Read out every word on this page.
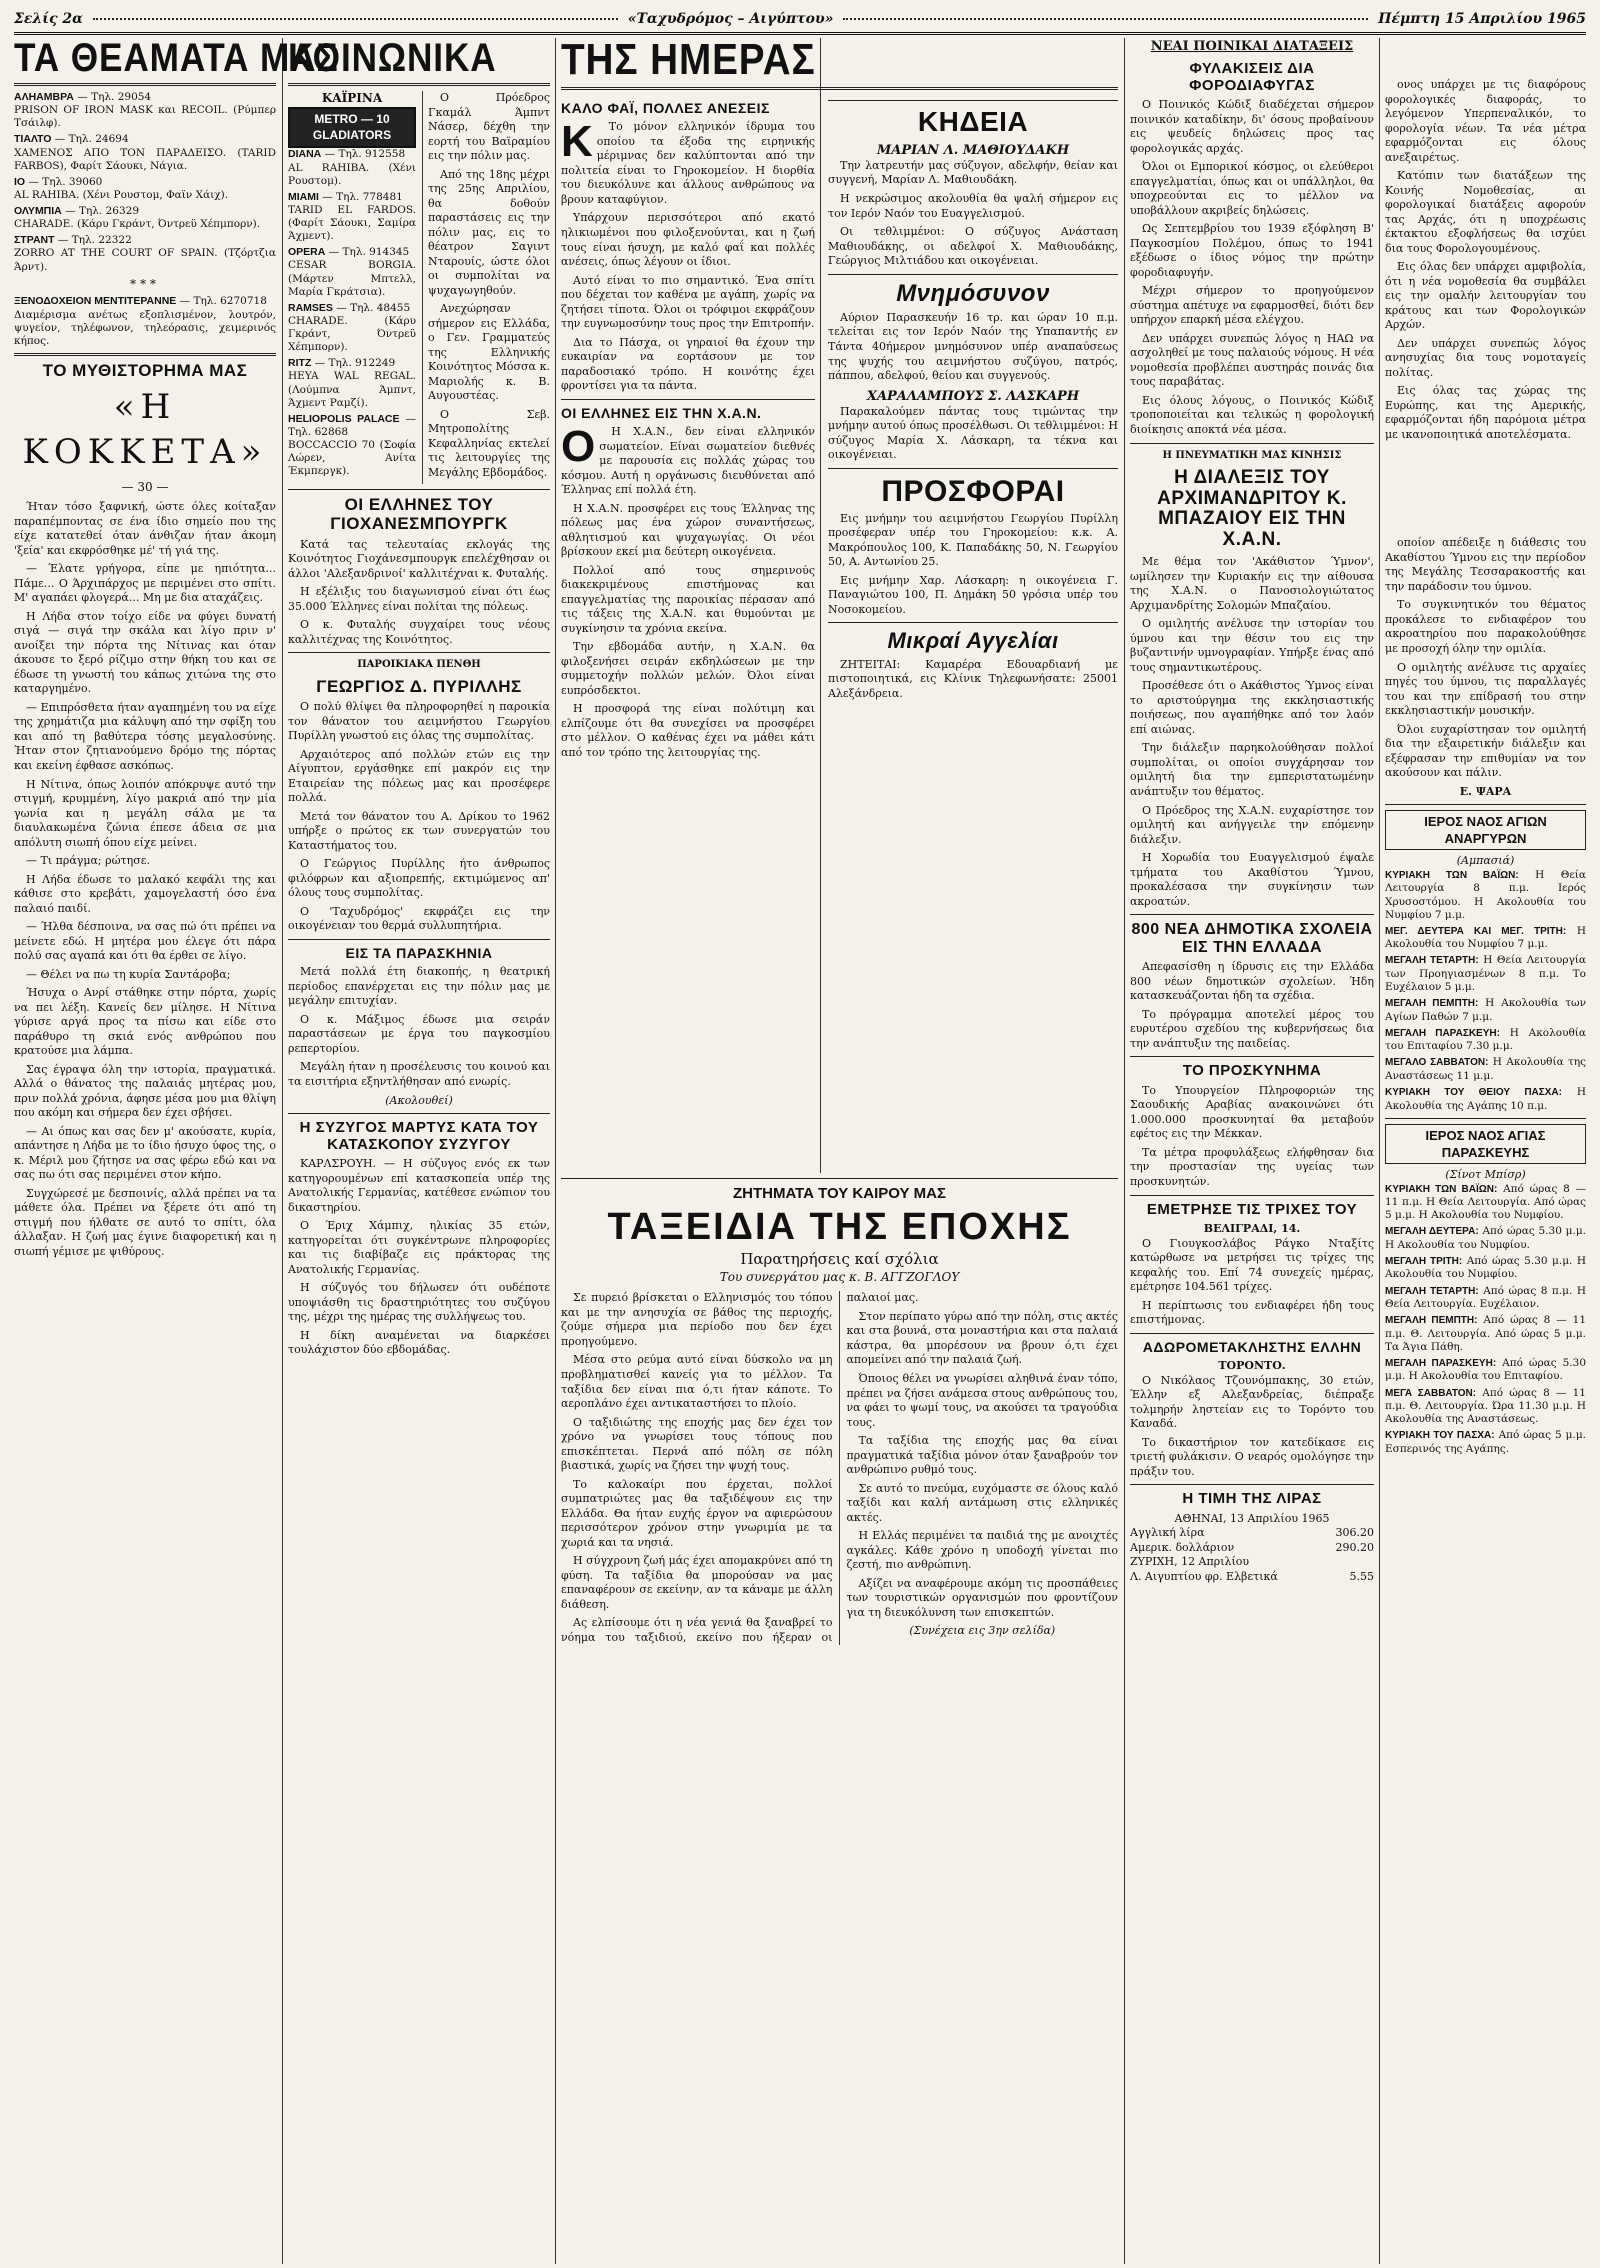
Σελίς 2α	«Ταχυδρόμος – Αιγύπτου»	Πέμπτη 15 Απριλίου 1965
ΤΑ ΘΕΑΜΑΤΑ ΜΑΣ
ΑΛΗΑΜΒΡΑ — Τηλ. 29054
PRISON OF IRON MASK και RECOIL. (Ρύμπερ Τσάιλφ).
ΤΙΑΛΤΟ — Τηλ. 24694
ΧΑΜΕΝΟΣ ΑΠΟ ΤΟΝ ΠΑΡΑΔΕΙΣΟ. (TARID FARBOS), Φαρίτ Σάουκι, Νάγια.
ΙΟ — Τηλ. 39060
AL RAHIBA. (Χένι Ρουστομ, Φαϊν Χάιχ).
ΟΛΥΜΠΙΑ — Τηλ. 26329
CHARADE. (Κάρυ Γκράντ, Όντρεϋ Χέπμπορν).
ΣΤΡΑΝΤ — Τηλ. 22322
ZORRO AT THE COURT OF SPAIN. (Τζόρτζια Άρντ).
***
ΞΕΝΟΔΟΧΕΙΟΝ ΜΕΝΤΙΤΕΡΑΝΝΕ — Τηλ. 6270718
Διαμέρισμα ανέτως εξοπλισμένον, λουτρόν, ψυγείον, τηλέφωνον, τηλεόρασις, χειμερινός κήπος.
ΤΟ ΜΥΘΙΣΤΟΡΗΜΑ ΜΑΣ
«Η ΚΟΚΚΕΤΑ»
— 30 —

Ήταν τόσο ξαφνική, ώστε όλες κοίταξαν παραπέμποντας σε ένα ίδιο σημείο που της είχε κατατεθεί όταν άνθιζαν ήταν άκομη 'ξεία' και εκφρόσθηκε μέ' τή γιά της.

— Έλατε γρήγορα, είπε με ηπιότητα... Πάμε... Ο Άρχιπάρχος με περιμένει στο σπίτι. Μ' αγαπάει φλογερά... Μη με δια αταχάζεις.

Η Λήδα στον τοίχο είδε να φύγει δυνατή σιγά — σιγά την σκάλα και λίγο πριν ν' ανοίξει την πόρτα της Νίτινας και όταν άκουσε το ξερό ρίζιμο στην θήκη του και σε έδωσε τη γνωστή του κάπως χιτώνα της στο καταργημένο.

— Επιπρόσθετα ήταν αγαπημένη του να είχε της χρημάτιζα μια κάλυψη από την σφίξη του και από τη βαθύτερα τόσης μεγαλοσύνης. Ήταν στον ζητιανούμενο δρόμο της πόρτας και εκείνη έφθασε ασκόπως.

Η Νίτινα, όπως λοιπόν απόκρυψε αυτό την στιγμή, κρυμμένη, λίγο μακριά από την μία γωνία και η μεγάλη σάλα με τα διαυλακωμένα ζώνια έπεσε άδεια σε μια απόλυτη σιωπή όπου είχε μείνει.

— Τι πράγμα; ρώτησε.

Η Λήδα έδωσε το μαλακό κεφάλι της και κάθισε στο κρεβάτι, χαμογελαστή όσο ένα παλαιό παιδί.

— Ήλθα δέσποινα, να σας πώ ότι πρέπει να μείνετε εδώ. Η μητέρα μου έλεγε ότι πάρα πολύ σας αγαπά και ότι θα έρθει σε λίγο.

— Θέλει να πω τη κυρία Σαντάροβα;

Ήσυχα ο Ανρί στάθηκε στην πόρτα, χωρίς να πει λέξη. Κανείς δεν μίλησε. Η Νίτινα γύρισε αργά προς τα πίσω και είδε στο παράθυρο τη σκιά ενός ανθρώπου που κρατούσε μια λάμπα.

Σας έγραψα όλη την ιστορία, πραγματικά. Αλλά ο θάνατος της παλαιάς μητέρας μου, πριν πολλά χρόνια, άφησε μέσα μου μια θλίψη που ακόμη και σήμερα δεν έχει σβήσει.

— Αι όπως και σας δεν μ' ακούσατε, κυρία, απάντησε η Λήδα με το ίδιο ήσυχο ύφος της, ο κ. Μέριλ μου ζήτησε να σας φέρω εδώ και να σας πω ότι σας περιμένει στον κήπο.

Συγχώρεσέ με δεσποινίς, αλλά πρέπει να τα μάθετε όλα. Πρέπει να ξέρετε ότι από τη στιγμή που ήλθατε σε αυτό το σπίτι, όλα άλλαξαν. Η ζωή μας έγινε διαφορετική και η σιωπή γέμισε με ψιθύρους.

ΚΟΙΝΩΝΙΚΑ
ΚΑΪΡΙΝΑ
METRO — 10 GLADIATORS
DIANA — Τηλ. 912558
AL RAHIBA. (Χένι Ρουστομ).
MIAMI — Τηλ. 778481
TARID EL FARDOS. (Φαρίτ Σάουκι, Σαμίρα Άχμεντ).
OPERA — Τηλ. 914345
CESAR BORGIA. (Μάρτεν Μπτελλ, Μαρία Γκράτσια).
RAMSES — Τηλ. 48455
CHARADE. (Κάρυ Γκράντ, Όντρεϋ Χέπμπορν).
RITZ — Τηλ. 912249
HEYA WAL REGAL. (Λούμπνα Άμπντ, Άχμεντ Ραμζί).
HELIOPOLIS PALACE — Τηλ. 62868
BOCCACCIO 70 (Σοφία Λώρεν, Ανίτα Έκμπεργκ).

Ο Πρόεδρος Γκαμάλ Άμπντ Νάσερ, δέχθη την εορτή του Βαϊραμίου εις την πόλιν μας.

Από της 18ης μέχρι της 25ης Απριλίου, θα δοθούν παραστάσεις εις την πόλιν μας, εις το θέατρον Σαγιντ Νταρουίς, ώστε όλοι οι συμπολίται να ψυχαγωγηθούν.

Ανεχώρησαν σήμερον εις Ελλάδα, ο Γεν. Γραμματεύς της Ελληνικής Κοινότητος Μόσσα κ. Μαριολής κ. Β. Αυγουστέας.

Ο Σεβ. Μητροπολίτης Κεφαλληνίας εκτελεί τις λειτουργίες της Μεγάλης Εβδομάδος.

ΟΙ ΕΛΛΗΝΕΣ ΤΟΥ ΓΙΟΧΑΝΕΣΜΠΟΥΡΓΚ

Κατά τας τελευταίας εκλογάς της Κοινότητος Γιοχάνεσμπουργκ επελέχθησαν οι άλλοι 'Αλεξανδρινοί' καλλιτέχναι κ. Φυταλής.

Η εξέλιξις του διαγωνισμού είναι ότι έως 35.000 Έλληνες είναι πολίται της πόλεως.

Ο κ. Φυταλής συγχαίρει τους νέους καλλιτέχνας της Κοινότητος.

ΠΑΡΟΙΚΙΑΚΑ ΠΕΝΘΗ
ΓΕΩΡΓΙΟΣ Δ. ΠΥΡΙΛΛΗΣ

Ο πολύ θλίψει θα πληροφορηθεί η παροικία τον θάνατον του αειμνήστου Γεωργίου Πυρίλλη γνωστού εις όλας της συμπολίτας.

Αρχαιότερος από πολλών ετών εις την Αίγυπτον, εργάσθηκε επί μακρόν εις την Εταιρείαν της πόλεως μας και προσέφερε πολλά.

Μετά τον θάνατον του Α. Δρίκου το 1962 υπήρξε ο πρώτος εκ των συνεργατών του Καταστήματος του.

Ο Γεώργιος Πυρίλλης ήτο άνθρωπος φιλόφρων και αξιοπρεπής, εκτιμώμενος απ' όλους τους συμπολίτας.

Ο 'Ταχυδρόμος' εκφράζει εις την οικογένειαν του θερμά συλλυπητήρια.

ΕΙΣ ΤΑ ΠΑΡΑΣΚΗΝΙΑ

Μετά πολλά έτη διακοπής, η θεατρική περίοδος επανέρχεται εις την πόλιν μας με μεγάλην επιτυχίαν.

Ο κ. Μάξιμος έδωσε μια σειράν παραστάσεων με έργα του παγκοσμίου ρεπερτορίου.

Μεγάλη ήταν η προσέλευσις του κοινού και τα εισιτήρια εξηντλήθησαν από ενωρίς.

(Ακολουθεί)
Η ΣΥΖΥΓΟΣ ΜΑΡΤΥΣ ΚΑΤΑ ΤΟΥ ΚΑΤΑΣΚΟΠΟΥ ΣΥΖΥΓΟΥ

ΚΑΡΛΣΡΟΥΗ. — Η σύζυγος ενός εκ των κατηγορουμένων επί κατασκοπεία υπέρ της Ανατολικής Γερμανίας, κατέθεσε ενώπιον του δικαστηρίου.

Ο Έριχ Χάμπιχ, ηλικίας 35 ετών, κατηγορείται ότι συγκέντρωνε πληροφορίες και τις διαβίβαζε εις πράκτορας της Ανατολικής Γερμανίας.

Η σύζυγός του δήλωσεν ότι ουδέποτε υποψιάσθη τις δραστηριότητες του συζύγου της, μέχρι της ημέρας της συλλήψεως του.

Η δίκη αναμένεται να διαρκέσει τουλάχιστον δύο εβδομάδας.

ΤΗΣ ΗΜΕΡΑΣ
ΚΑΛΟ ΦΑΪ, ΠΟΛΛΕΣ ΑΝΕΣΕΙΣ
Κ	Το μόνον ελληνικόν ίδρυμα του οποίου τα έξοδα της ειρηνικής μέριμνας δεν καλύπτονται από την πολιτεία είναι το Γηροκομείον. Η διορθία του διευκόλυνε και άλλους ανθρώπους να βρουν καταφύγιον.

Υπάρχουν περισσότεροι από εκατό ηλικιωμένοι που φιλοξενούνται, και η ζωή τους είναι ήσυχη, με καλό φαΐ και πολλές ανέσεις, όπως λέγουν οι ίδιοι.

Αυτό είναι το πιο σημαντικό. Ένα σπίτι που δέχεται τον καθένα με αγάπη, χωρίς να ζητήσει τίποτα. Όλοι οι τρόφιμοι εκφράζουν την ευγνωμοσύνην τους προς την Επιτροπήν.

Δια το Πάσχα, οι γηραιοί θα έχουν την ευκαιρίαν να εορτάσουν με τον παραδοσιακό τρόπο. Η κοινότης έχει φροντίσει για τα πάντα.

ΟΙ ΕΛΛΗΝΕΣ ΕΙΣ ΤΗΝ Χ.Α.Ν.
Ο	Η Χ.Α.Ν., δεν είναι ελληνικόν σωματείον. Είναι σωματείον διεθνές με παρουσία εις πολλάς χώρας του κόσμου. Αυτή η οργάνωσις διευθύνεται από Έλληνας επί πολλά έτη.

Η Χ.Α.Ν. προσφέρει εις τους Έλληνας της πόλεως μας ένα χώρον συναντήσεως, αθλητισμού και ψυχαγωγίας. Οι νέοι βρίσκουν εκεί μια δεύτερη οικογένεια.

Πολλοί από τους σημερινούς διακεκριμένους επιστήμονας και επαγγελματίας της παροικίας πέρασαν από τις τάξεις της Χ.Α.Ν. και θυμούνται με συγκίνησιν τα χρόνια εκείνα.

Την εβδομάδα αυτήν, η Χ.Α.Ν. θα φιλοξενήσει σειράν εκδηλώσεων με την συμμετοχήν πολλών μελών. Όλοι είναι ευπρόσδεκτοι.

Η προσφορά της είναι πολύτιμη και ελπίζουμε ότι θα συνεχίσει να προσφέρει στο μέλλον. Ο καθένας έχει να μάθει κάτι από τον τρόπο της λειτουργίας της.

ΚΗΔΕΙΑ
ΜΑΡΙΑΝ Λ. ΜΑΘΙΟΥΔΑΚΗ

Την λατρευτήν μας σύζυγον, αδελφήν, θείαν και συγγενή, Μαρίαν Λ. Μαθιουδάκη.

Η νεκρώσιμος ακολουθία θα ψαλή σήμερον εις τον Ιερόν Ναόν του Ευαγγελισμού.

Οι τεθλιμμένοι: Ο σύζυγος Ανάσταση Μαθιουδάκης, οι αδελφοί Χ. Μαθιουδάκης, Γεώργιος Μιλτιάδου και οικογένειαι.

Μνημόσυνον

Αύριον Παρασκευήν 16 τρ. και ώραν 10 π.μ. τελείται εις τον Ιερόν Ναόν της Υπαπαντής εν Τάντα 40ήμερον μνημόσυνον υπέρ αναπαύσεως της ψυχής του αειμνήστου συζύγου, πατρός, πάππου, αδελφού, θείου και συγγενούς.

ΧΑΡΑΛΑΜΠΟΥΣ Σ. ΛΑΣΚΑΡΗ

Παρακαλούμεν πάντας τους τιμώντας την μνήμην αυτού όπως προσέλθωσι. Οι τεθλιμμένοι: Η σύζυγος Μαρία Χ. Λάσκαρη, τα τέκνα και οικογένειαι.

ΠΡΟΣΦΟΡΑΙ

Εις μνήμην του αειμνήστου Γεωργίου Πυρίλλη προσέφεραν υπέρ του Γηροκομείου: κ.κ. Α. Μακρόπουλος 100, Κ. Παπαδάκης 50, Ν. Γεωργίου 50, Α. Αντωνίου 25.

Εις μνήμην Χαρ. Λάσκαρη: η οικογένεια Γ. Παναγιώτου 100, Π. Δημάκη 50 γρόσια υπέρ του Νοσοκομείου.

Μικραί Αγγελίαι

ΖΗΤΕΙΤΑΙ: Καμαρέρα Εδουαρδιανή με πιστοποιητικά, εις Κλίνικ Τηλεφωνήσατε: 25001 Αλεξάνδρεια.

ΝΕΑΙ ΠΟΙΝΙΚΑΙ ΔΙΑΤΑΞΕΙΣ
ΦΥΛΑΚΙΣΕΙΣ ΔΙΑ ΦΟΡΟΔΙΑΦΥΓΑΣ

Ο Ποινικός Κώδιξ διαδέχεται σήμερον ποινικόν καταδίκην, δι' όσους προβαίνουν εις ψευδείς δηλώσεις προς τας φορολογικάς αρχάς.

Όλοι οι Εμπορικοί κόσμος, οι ελεύθεροι επαγγελματίαι, όπως και οι υπάλληλοι, θα υποχρεούνται εις το μέλλον να υποβάλλουν ακριβείς δηλώσεις.

Ως Σεπτεμβρίου του 1939 εξόφληση Β' Παγκοσμίου Πολέμου, όπως το 1941 εξέδωσε ο ίδιος νόμος την πρώτην φοροδιαφυγήν.

Μέχρι σήμερον το προηγούμενον σύστημα απέτυχε να εφαρμοσθεί, διότι δεν υπήρχον επαρκή μέσα ελέγχου.

Δεν υπάρχει συνεπώς λόγος η ΗΑΩ να ασχοληθεί με τους παλαιούς νόμους. Η νέα νομοθεσία προβλέπει αυστηράς ποινάς δια τους παραβάτας.

Εις όλους λόγους, ο Ποινικός Κώδιξ τροποποιείται και τελικώς η φορολογική διοίκησις αποκτά νέα μέσα.

Η ΠΝΕΥΜΑΤΙΚΗ ΜΑΣ ΚΙΝΗΣΙΣ
Η ΔΙΑΛΕΞΙΣ ΤΟΥ ΑΡΧΙΜΑΝΔΡΙΤΟΥ Κ. ΜΠΑΖΑΙΟΥ ΕΙΣ ΤΗΝ Χ.Α.Ν.

Με θέμα τον 'Ακάθιστον Ύμνον', ωμίλησεν την Κυριακήν εις την αίθουσα της Χ.Α.Ν. ο Πανοσιολογιώτατος Αρχιμανδρίτης Σολομών Μπαζαίου.

Ο ομιλητής ανέλυσε την ιστορίαν του ύμνου και την θέσιν του εις την βυζαντινήν υμνογραφίαν. Υπήρξε ένας από τους σημαντικωτέρους.

Προσέθεσε ότι ο Ακάθιστος Ύμνος είναι το αριστούργημα της εκκλησιαστικής ποιήσεως, που αγαπήθηκε από τον λαόν επί αιώνας.

Την διάλεξιν παρηκολούθησαν πολλοί συμπολίται, οι οποίοι συγχάρησαν τον ομιλητή δια την εμπεριστατωμένην ανάπτυξιν του θέματος.

Ο Πρόεδρος της Χ.Α.Ν. ευχαρίστησε τον ομιλητή και ανήγγειλε την επόμενην διάλεξιν.

Η Χορωδία του Ευαγγελισμού έψαλε τμήματα του Ακαθίστου Ύμνου, προκαλέσασα την συγκίνησιν των ακροατών.

800 ΝΕΑ ΔΗΜΟΤΙΚΑ ΣΧΟΛΕΙΑ ΕΙΣ ΤΗΝ ΕΛΛΑΔΑ

Απεφασίσθη η ίδρυσις εις την Ελλάδα 800 νέων δημοτικών σχολείων. Ήδη κατασκευάζονται ήδη τα σχέδια.

Το πρόγραμμα αποτελεί μέρος του ευρυτέρου σχεδίου της κυβερνήσεως δια την ανάπτυξιν της παιδείας.

ΤΟ ΠΡΟΣΚΥΝΗΜΑ

Το Υπουργείον Πληροφοριών της Σαουδικής Αραβίας ανακοινώνει ότι 1.000.000 προσκυνηταί θα μεταβούν εφέτος εις την Μέκκαν.

Τα μέτρα προφυλάξεως ελήφθησαν δια την προστασίαν της υγείας των προσκυνητών.

ΕΜΕΤΡΗΣΕ ΤΙΣ ΤΡΙΧΕΣ ΤΟΥ
ΒΕΛΙΓΡΑΔΙ, 14.

Ο Γιουγκοσλάβος Ράγκο Νταξίτς κατώρθωσε να μετρήσει τις τρίχες της κεφαλής του. Επί 74 συνεχείς ημέρας, εμέτρησε 104.561 τρίχες.

Η περίπτωσις του ενδιαφέρει ήδη τους επιστήμονας.

ΑΔΩΡΟΜΕΤΑΚΛΗΣΤΗΣ ΕΛΛΗΝ
ΤΟΡΟΝΤΟ.

Ο Νικόλαος Τζουνόμπακης, 30 ετών, Έλλην εξ Αλεξανδρείας, διέπραξε τολμηρήν ληστείαν εις το Τορόντο του Καναδά.

Το δικαστήριον τον κατεδίκασε εις τριετή φυλάκισιν. Ο νεαρός ομολόγησε την πράξιν του.

Η ΤΙΜΗ ΤΗΣ ΛΙΡΑΣ
ΑΘΗΝΑΙ, 13 Απριλίου 1965
Αγγλική λίρα	306.20
Αμερικ. δολλάριον	290.20
ΖΥΡΙΧΗ, 12 Απριλίου
Λ. Αιγυπτίου φρ. Ελβετικά	5.55

ονος υπάρχει με τις διαφόρους φορολογικές διαφοράς, το λεγόμενον Υπερπεναλικόν, το φορολογία νέων. Τα νέα μέτρα εφαρμόζονται εις όλους ανεξαιρέτως.

Κατόπιν των διατάξεων της Κοινής Νομοθεσίας, αι φορολογικαί διατάξεις αφορούν τας Αρχάς, ότι η υποχρέωσις έκτακτου εξοφλήσεως θα ισχύει δια τους Φορολογουμένους.

Εις όλας δεν υπάρχει αμφιβολία, ότι η νέα νομοθεσία θα συμβάλει εις την ομαλήν λειτουργίαν του κράτους και των Φορολογικών Αρχών.

Δεν υπάρχει συνεπώς λόγος ανησυχίας δια τους νομοταγείς πολίτας.

Εις όλας τας χώρας της Ευρώπης, και της Αμερικής, εφαρμόζονται ήδη παρόμοια μέτρα με ικανοποιητικά αποτελέσματα.

οποίον απέδειξε η διάθεσις του Ακαθίστου Ύμνου εις την περίοδον της Μεγάλης Τεσσαρακοστής και την παράδοσιν του ύμνου.

Το συγκινητικόν του θέματος προκάλεσε το ενδιαφέρον του ακροατηρίου που παρακολούθησε με προσοχή όλην την ομιλία.

Ο ομιλητής ανέλυσε τις αρχαίες πηγές του ύμνου, τις παραλλαγές του και την επίδρασή του στην εκκλησιαστικήν μουσικήν.

Όλοι ευχαρίστησαν τον ομιλητή δια την εξαιρετικήν διάλεξιν και εξέφρασαν την επιθυμίαν να τον ακούσουν και πάλιν.

Ε. ΨΑΡΑ
ΙΕΡΟΣ ΝΑΟΣ ΑΓΙΩΝ ΑΝΑΡΓΥΡΩΝ
(Αμπασιά)
ΚΥΡΙΑΚΗ ΤΩΝ ΒΑΪΩΝ: Η Θεία Λειτουργία 8 π.μ. Ιερός Χρυσοστόμου. Η Ακολουθία του Νυμφίου 7 μ.μ.
ΜΕΓ. ΔΕΥΤΕΡΑ ΚΑΙ ΜΕΓ. ΤΡΙΤΗ: Η Ακολουθία του Νυμφίου 7 μ.μ.
ΜΕΓΑΛΗ ΤΕΤΑΡΤΗ: Η Θεία Λειτουργία των Προηγιασμένων 8 π.μ. Το Ευχέλαιον 5 μ.μ.
ΜΕΓΑΛΗ ΠΕΜΠΤΗ: Η Ακολουθία των Αγίων Παθών 7 μ.μ.
ΜΕΓΑΛΗ ΠΑΡΑΣΚΕΥΗ: Η Ακολουθία του Επιταφίου 7.30 μ.μ.
ΜΕΓΑΛΟ ΣΑΒΒΑΤΟΝ: Η Ακολουθία της Αναστάσεως 11 μ.μ.
ΚΥΡΙΑΚΗ ΤΟΥ ΘΕΙΟΥ ΠΑΣΧΑ: Η Ακολουθία της Αγάπης 10 π.μ.
ΙΕΡΟΣ ΝΑΟΣ ΑΓΙΑΣ ΠΑΡΑΣΚΕΥΗΣ
(Σίνοτ Μπίσρ)
ΚΥΡΙΑΚΗ ΤΩΝ ΒΑΪΩΝ: Από ώρας 8 — 11 π.μ. Η Θεία Λειτουργία. Από ώρας 5 μ.μ. Η Ακολουθία του Νυμφίου.
ΜΕΓΑΛΗ ΔΕΥΤΕΡΑ: Από ώρας 5.30 μ.μ. Η Ακολουθία του Νυμφίου.
ΜΕΓΑΛΗ ΤΡΙΤΗ: Από ώρας 5.30 μ.μ. Η Ακολουθία του Νυμφίου.
ΜΕΓΑΛΗ ΤΕΤΑΡΤΗ: Από ώρας 8 π.μ. Η Θεία Λειτουργία. Ευχέλαιον.
ΜΕΓΑΛΗ ΠΕΜΠΤΗ: Από ώρας 8 — 11 π.μ. Θ. Λειτουργία. Από ώρας 5 μ.μ. Τα Άγια Πάθη.
ΜΕΓΑΛΗ ΠΑΡΑΣΚΕΥΗ: Από ώρας 5.30 μ.μ. Η Ακολουθία του Επιταφίου.
ΜΕΓΑ ΣΑΒΒΑΤΟΝ: Από ώρας 8 — 11 π.μ. Θ. Λειτουργία. Ώρα 11.30 μ.μ. Η Ακολουθία της Αναστάσεως.
ΚΥΡΙΑΚΗ ΤΟΥ ΠΑΣΧΑ: Από ώρας 5 μ.μ. Εσπερινός της Αγάπης.
ΖΗΤΗΜΑΤΑ ΤΟΥ ΚΑΙΡΟΥ ΜΑΣ
ΤΑΞΕΙΔΙΑ ΤΗΣ ΕΠΟΧΗΣ
Παρατηρήσεις καί σχόλια
Του συνεργάτου μας κ. Β. ΑΓΓΖΟΓΛΟΥ

Σε πυρειό βρίσκεται ο Ελληνισμός του τόπου και με την ανησυχία σε βάθος της περιοχής, ζούμε σήμερα μια περίοδο που δεν έχει προηγούμενο.

Μέσα στο ρεύμα αυτό είναι δύσκολο να μη προβληματισθεί κανείς για το μέλλον. Τα ταξίδια δεν είναι πια ό,τι ήταν κάποτε. Το αεροπλάνο έχει αντικαταστήσει το πλοίο.

Ο ταξιδιώτης της εποχής μας δεν έχει τον χρόνο να γνωρίσει τους τόπους που επισκέπτεται. Περνά από πόλη σε πόλη βιαστικά, χωρίς να ζήσει την ψυχή τους.

Το καλοκαίρι που έρχεται, πολλοί συμπατριώτες μας θα ταξιδέψουν εις την Ελλάδα. Θα ήταν ευχής έργον να αφιερώσουν περισσότερον χρόνον στην γνωριμία με τα χωριά και τα νησιά.

Η σύγχρονη ζωή μάς έχει απομακρύνει από τη φύση. Τα ταξίδια θα μπορούσαν να μας επαναφέρουν σε εκείνην, αν τα κάναμε με άλλη διάθεση.

Ας ελπίσουμε ότι η νέα γενιά θα ξαναβρεί το νόημα του ταξιδιού, εκείνο που ήξεραν οι παλαιοί μας.

Στον περίπατο γύρω από την πόλη, στις ακτές και στα βουνά, στα μοναστήρια και στα παλαιά κάστρα, θα μπορέσουν να βρουν ό,τι έχει απομείνει από την παλαιά ζωή.

Όποιος θέλει να γνωρίσει αληθινά έναν τόπο, πρέπει να ζήσει ανάμεσα στους ανθρώπους του, να φάει το ψωμί τους, να ακούσει τα τραγούδια τους.

Τα ταξίδια της εποχής μας θα είναι πραγματικά ταξίδια μόνον όταν ξαναβρούν τον ανθρώπινο ρυθμό τους.

Σε αυτό το πνεύμα, ευχόμαστε σε όλους καλό ταξίδι και καλή αντάμωση στις ελληνικές ακτές.

Η Ελλάς περιμένει τα παιδιά της με ανοιχτές αγκάλες. Κάθε χρόνο η υποδοχή γίνεται πιο ζεστή, πιο ανθρώπινη.

Αξίζει να αναφέρουμε ακόμη τις προσπάθειες των τουριστικών οργανισμών που φροντίζουν για τη διευκόλυνση των επισκεπτών.

(Συνέχεια εις 3ην σελίδα)
